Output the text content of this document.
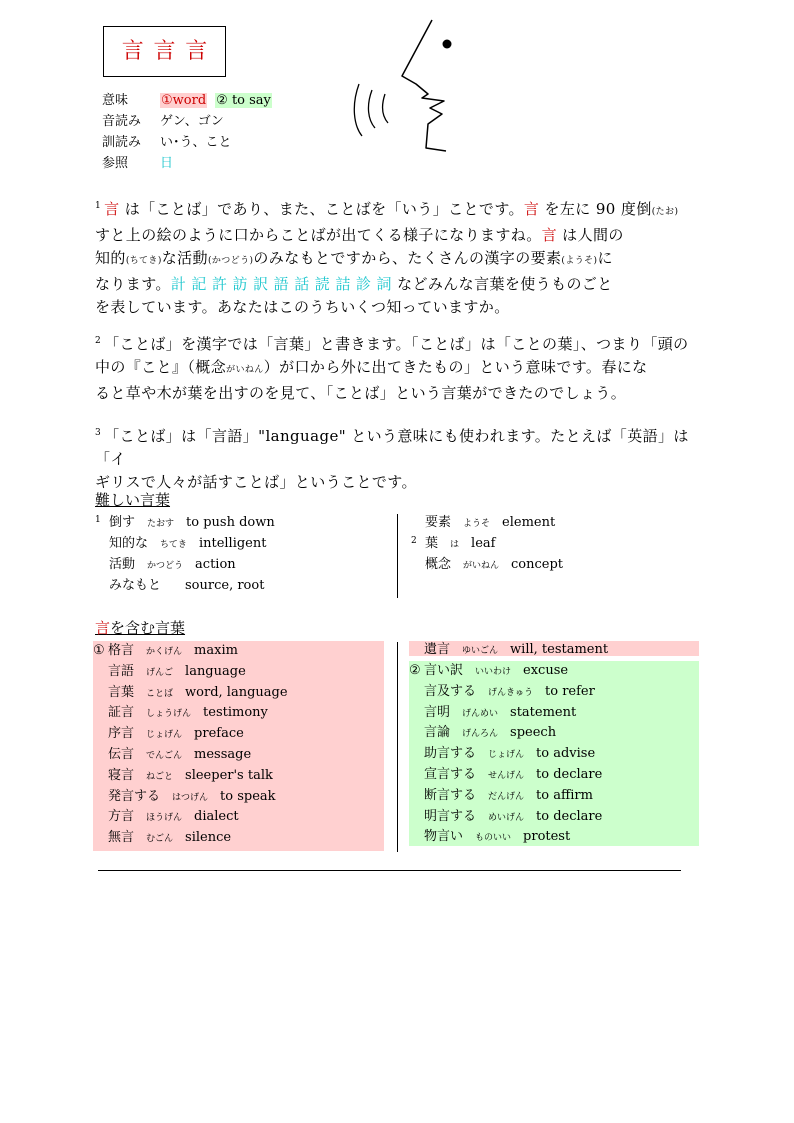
言 言 言
意味	①word ② to say
音読み ゲン、ゴン
訓読み い･う、こと
参照 日
$^1$ 言 は「ことば」であり、また、ことばを「いう」ことです。言 を左に 90 度倒(たお)
すと上の絵のように口からことばが出てくる様子になりますね。言 は人間の
知的(ちてき)な活動(かつどう)のみなもとですから、たくさんの漢字の要素(ようそ)に
なります。計 記 許 訪 訳 語 話 読 詰 診 詞 などみんな言葉を使うものごと
を表しています。あなたはこのうちいくつ知っていますか。
$^2$ 「ことば」を漢字では「言葉」と書きます。「ことば」は「ことの葉」、つまり「頭の
中の『こと』（概念がいねん）が口から外に出てきたもの」という意味です。春にな
ると草や木が葉を出すのを見て、「ことば」という言葉ができたのでしょう。
$^3$ 「ことば」は「言語」"language" という意味にも使われます。たとえば「英語」は「イ
ギリスで人々が話すことば」ということです。
難しい言葉
1 倒す たおす to push down
知的な ちてき intelligent
活動 かつどう action
みなもと source, root
要素 ようそ element
2 葉 は leaf
概念 がいねん concept
言を含む言葉
① 格言 かくげん maxim
言語 げんご language
言葉 ことば word, language
証言 しょうげん testimony
序言 じょげん preface
伝言 でんごん message
寝言 ねごと sleeper's talk
発言する はつげん to speak
方言 ほうげん dialect
無言 むごん silence
遺言 ゆいごん will, testament
② 言い訳 いいわけ excuse
言及する げんきゅう to refer
言明 げんめい statement
言論 げんろん speech
助言する じょげん to advise
宣言する せんげん to declare
断言する だんげん to affirm
明言する めいげん to declare
物言い ものいい protest
